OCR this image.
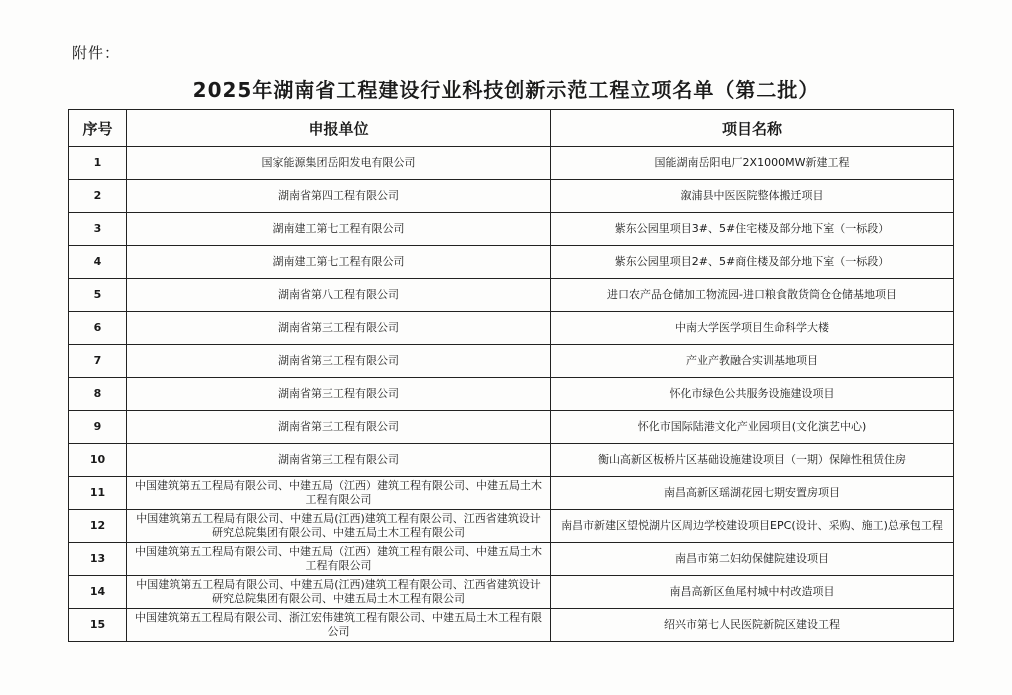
附件：
2025年湖南省工程建设行业科技创新示范工程立项名单（第二批）
序号	申报单位	项目名称
1	国家能源集团岳阳发电有限公司	国能湖南岳阳电厂2X1000MW新建工程
2	湖南省第四工程有限公司	溆浦县中医医院整体搬迁项目
3	湖南建工第七工程有限公司	紫东公园里项目3#、5#住宅楼及部分地下室（一标段）
4	湖南建工第七工程有限公司	紫东公园里项目2#、5#商住楼及部分地下室（一标段）
5	湖南省第八工程有限公司	进口农产品仓储加工物流园-进口粮食散货筒仓仓储基地项目
6	湖南省第三工程有限公司	中南大学医学项目生命科学大楼
7	湖南省第三工程有限公司	产业产教融合实训基地项目
8	湖南省第三工程有限公司	怀化市绿色公共服务设施建设项目
9	湖南省第三工程有限公司	怀化市国际陆港文化产业园项目(文化演艺中心)
10	湖南省第三工程有限公司	衡山高新区板桥片区基础设施建设项目（一期）保障性租赁住房
11	中国建筑第五工程局有限公司、中建五局（江西）建筑工程有限公司、中建五局土木工程有限公司	南昌高新区瑶湖花园七期安置房项目
12	中国建筑第五工程局有限公司、中建五局(江西)建筑工程有限公司、江西省建筑设计研究总院集团有限公司、中建五局土木工程有限公司	南昌市新建区望悦湖片区周边学校建设项目EPC(设计、采购、施工)总承包工程
13	中国建筑第五工程局有限公司、中建五局（江西）建筑工程有限公司、中建五局土木工程有限公司	南昌市第二妇幼保健院建设项目
14	中国建筑第五工程局有限公司、中建五局(江西)建筑工程有限公司、江西省建筑设计研究总院集团有限公司、中建五局土木工程有限公司	南昌高新区鱼尾村城中村改造项目
15	中国建筑第五工程局有限公司、浙江宏伟建筑工程有限公司、中建五局土木工程有限公司	绍兴市第七人民医院新院区建设工程
